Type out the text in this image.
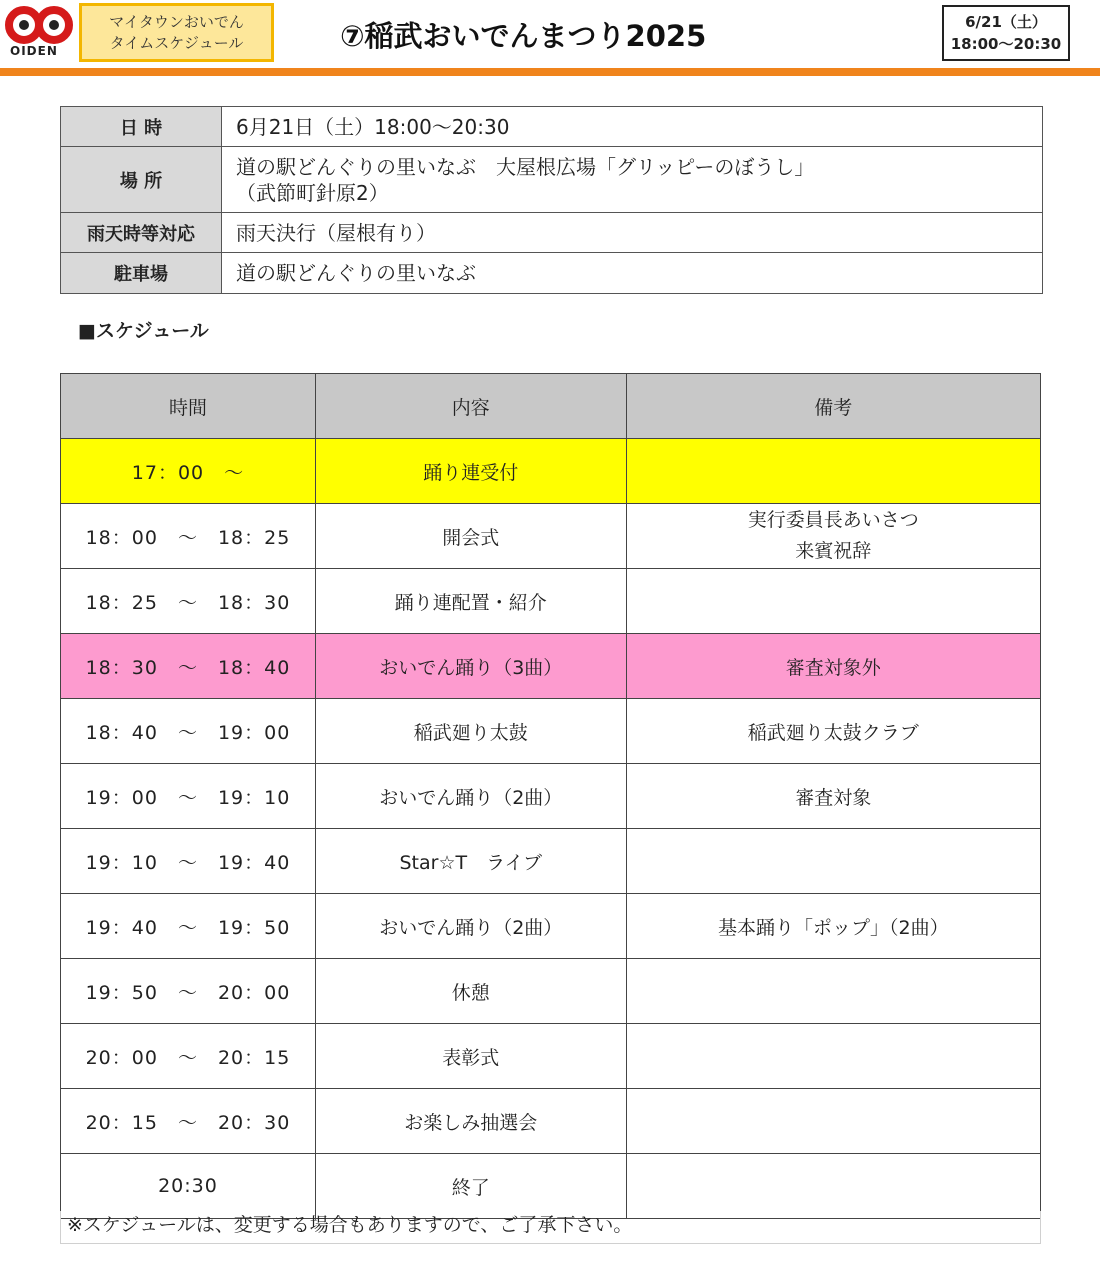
OIDEN
マイタウンおいでん
タイムスケジュール	⑦稲武おいでんまつり2025	6/21（土）
18:00～20:30
日 時	6月21日（土）18:00～20:30
場 所	道の駅どんぐりの里いなぶ　大屋根広場「グリッピーのぼうし」
（武節町針原2）

雨天時等対応	雨天決行（屋根有り）
駐車場	道の駅どんぐりの里いなぶ
■スケジュール
時間	内容	備考
17：00　～	踊り連受付	
18：00　～　18：25	開会式	実行委員長あいさつ
来賓祝辞

18：25　～　18：30	踊り連配置・紹介	
18：30　～　18：40	おいでん踊り（3曲）	審査対象外
18：40　～　19：00	稲武廻り太鼓	稲武廻り太鼓クラブ
19：00　～　19：10	おいでん踊り（2曲）	審査対象
19：10　～　19：40	Star☆T　ライブ	
19：40　～　19：50	おいでん踊り（2曲）	基本踊り「ポップ」（2曲）
19：50　～　20：00	休憩	
20：00　～　20：15	表彰式	
20：15　～　20：30	お楽しみ抽選会	
20:30	終了	
※スケジュールは、変更する場合もありますので、ご了承下さい。
